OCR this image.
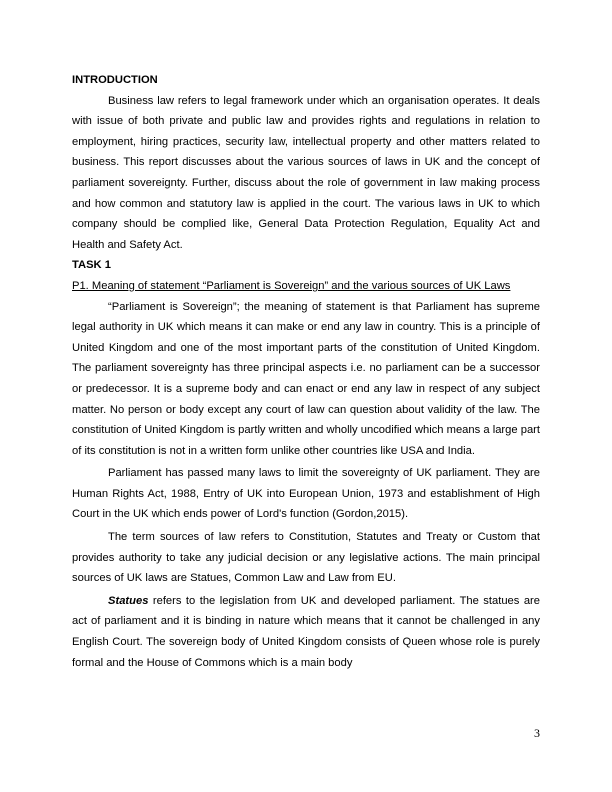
INTRODUCTION

Business law refers to legal framework under which an organisation operates. It deals with issue of both private and public law and provides rights and regulations in relation to employment, hiring practices, security law, intellectual property and other matters related to business. This report discusses about the various sources of laws in UK and the concept of parliament sovereignty. Further, discuss about the role of government in law making process and how common and statutory law is applied in the court. The various laws in UK to which company should be complied like, General Data Protection Regulation, Equality Act and Health and Safety Act.

TASK 1

P1. Meaning of statement “Parliament is Sovereign” and the various sources of UK Laws

“Parliament is Sovereign”; the meaning of statement is that Parliament has supreme legal authority in UK which means it can make or end any law in country. This is a principle of United Kingdom and one of the most important parts of the constitution of United Kingdom. The parliament sovereignty has three principal aspects i.e. no parliament can be a successor or predecessor. It is a supreme body and can enact or end any law in respect of any subject matter. No person or body except any court of law can question about validity of the law. The constitution of United Kingdom is partly written and wholly uncodified which means a large part of its constitution is not in a written form unlike other countries like USA and India.

Parliament has passed many laws to limit the sovereignty of UK parliament. They are Human Rights Act, 1988, Entry of UK into European Union, 1973 and establishment of High Court in the UK which ends power of Lord's function (Gordon,2015).

The term sources of law refers to Constitution, Statutes and Treaty or Custom that provides authority to take any judicial decision or any legislative actions. The main principal sources of UK laws are Statues, Common Law and Law from EU.

Statues refers to the legislation from UK and developed parliament. The statues are act of parliament and it is binding in nature which means that it cannot be challenged in any English Court. The sovereign body of United Kingdom consists of Queen whose role is purely formal and the House of Commons which is a main body

3
